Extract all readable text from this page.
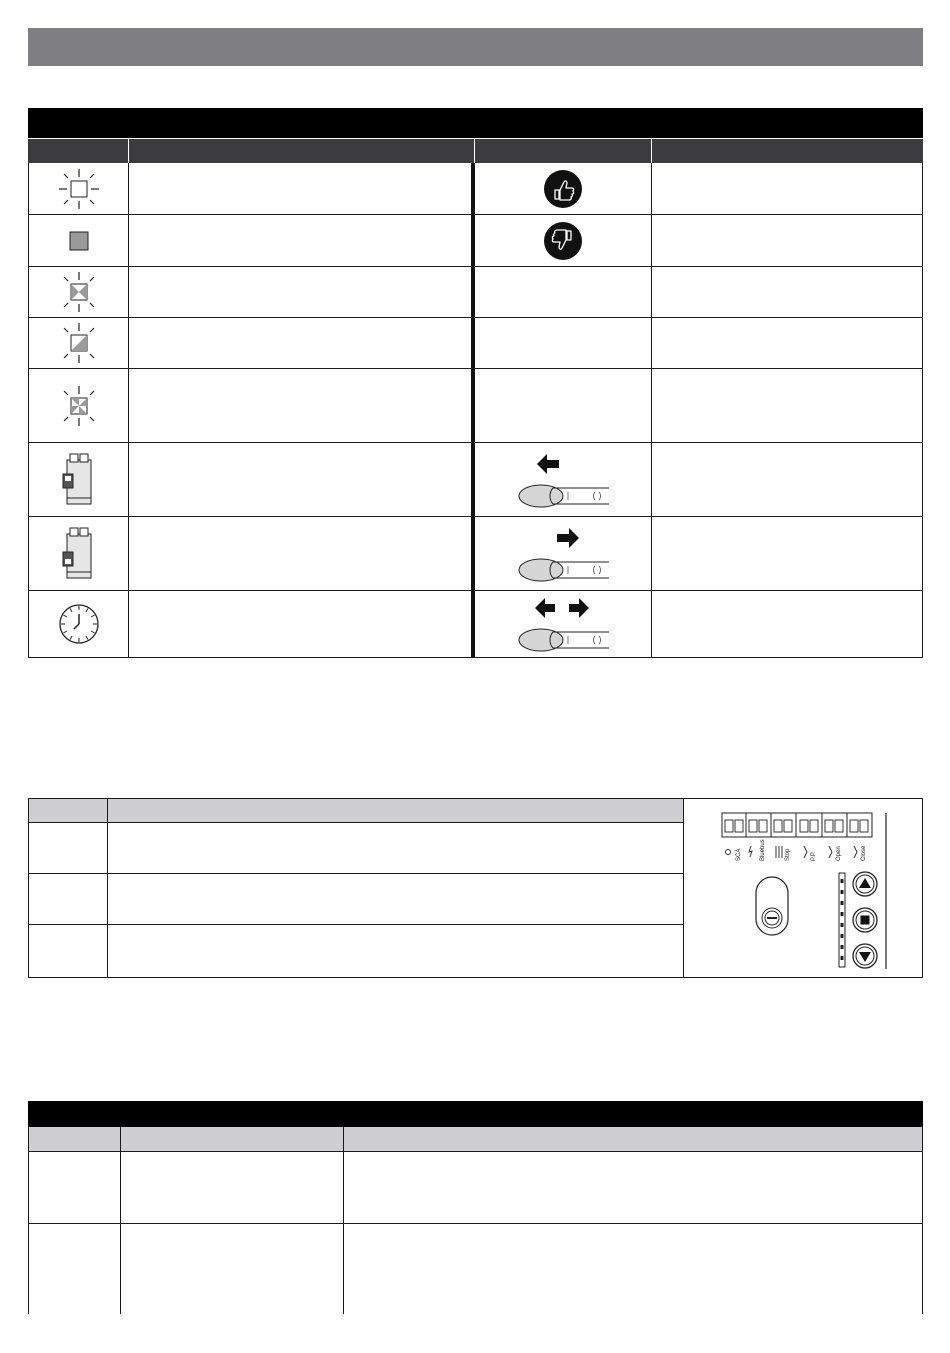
SCA	Bluebus	Stop	P.P.	Open	Close
